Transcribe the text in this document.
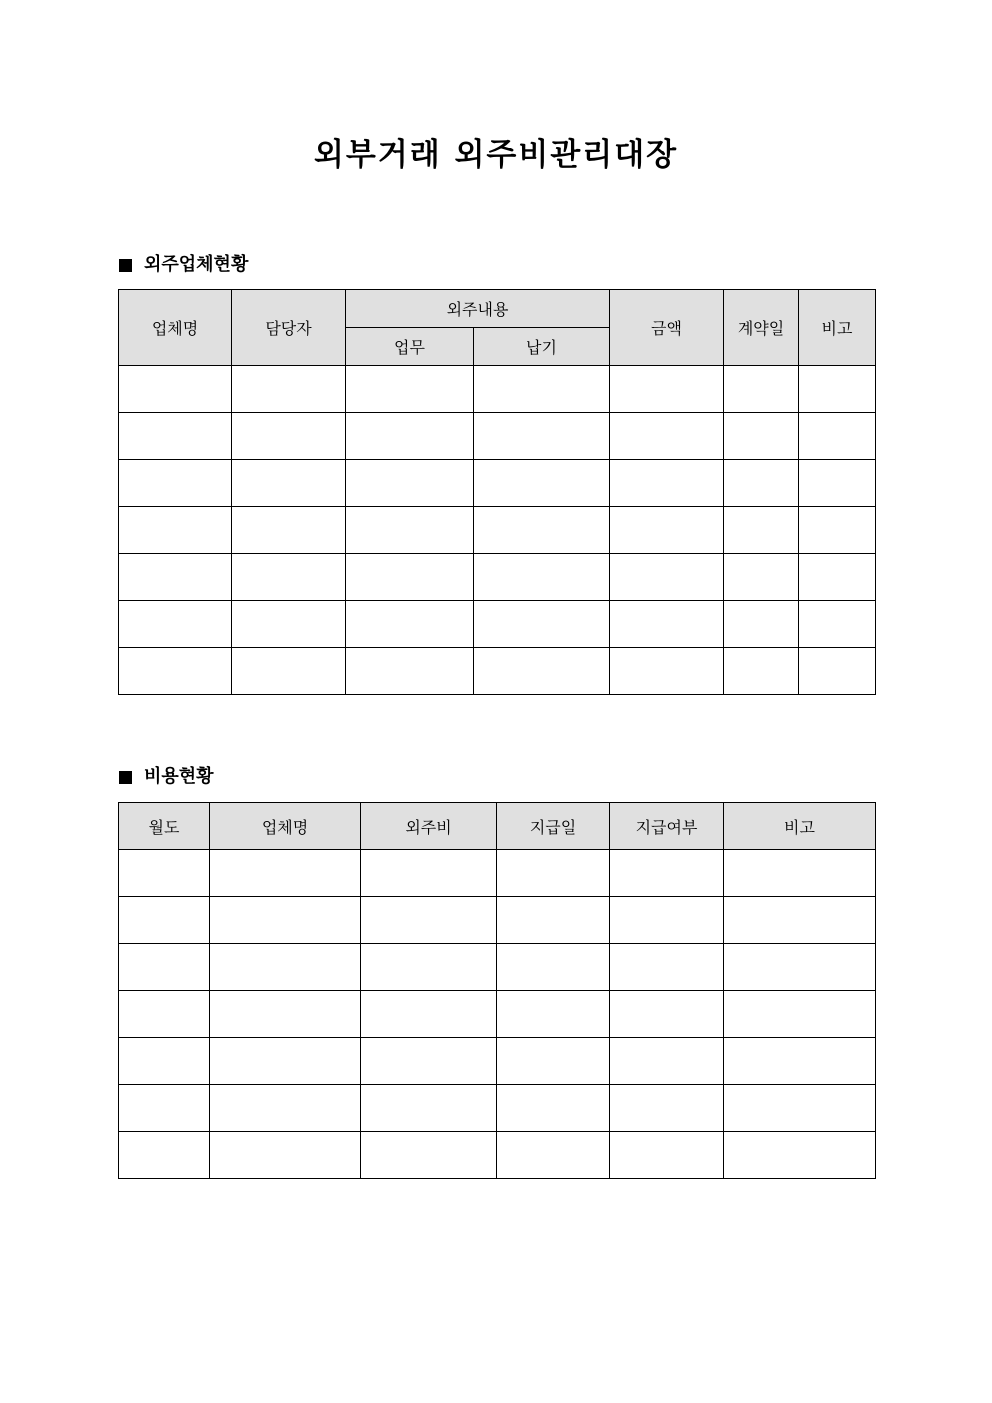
외부거래 외주비관리대장
외주업체현황
업체명	담당자	외주내용		금액	계약일	비고
		업무	납기			

비용현황
월도	업체명	외주비	지급일	지급여부	비고
